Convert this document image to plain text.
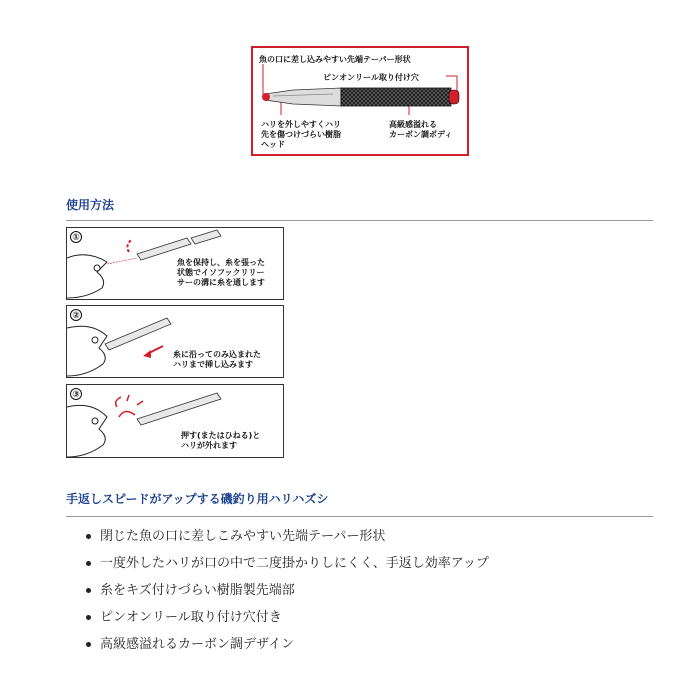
魚の口に差し込みやすい先端テーパー形状
ピンオンリール取り付け穴
ハリを外しやすくハリ
先を傷つけづらい樹脂
ヘッド
高級感溢れる
カーボン調ボディ
使用方法
①
魚を保持し、糸を張った
状態でイソフックリリー
サーの溝に糸を通します
②
糸に沿ってのみ込まれた
ハリまで挿し込みます
③
押す(またはひねる)と
ハリが外れます
手返しスピードがアップする磯釣り用ハリハズシ
閉じた魚の口に差しこみやすい先端テーパー形状
一度外したハリが口の中で二度掛かりしにくく、手返し効率アップ
糸をキズ付けづらい樹脂製先端部
ピンオンリール取り付け穴付き
高級感溢れるカーボン調デザイン
